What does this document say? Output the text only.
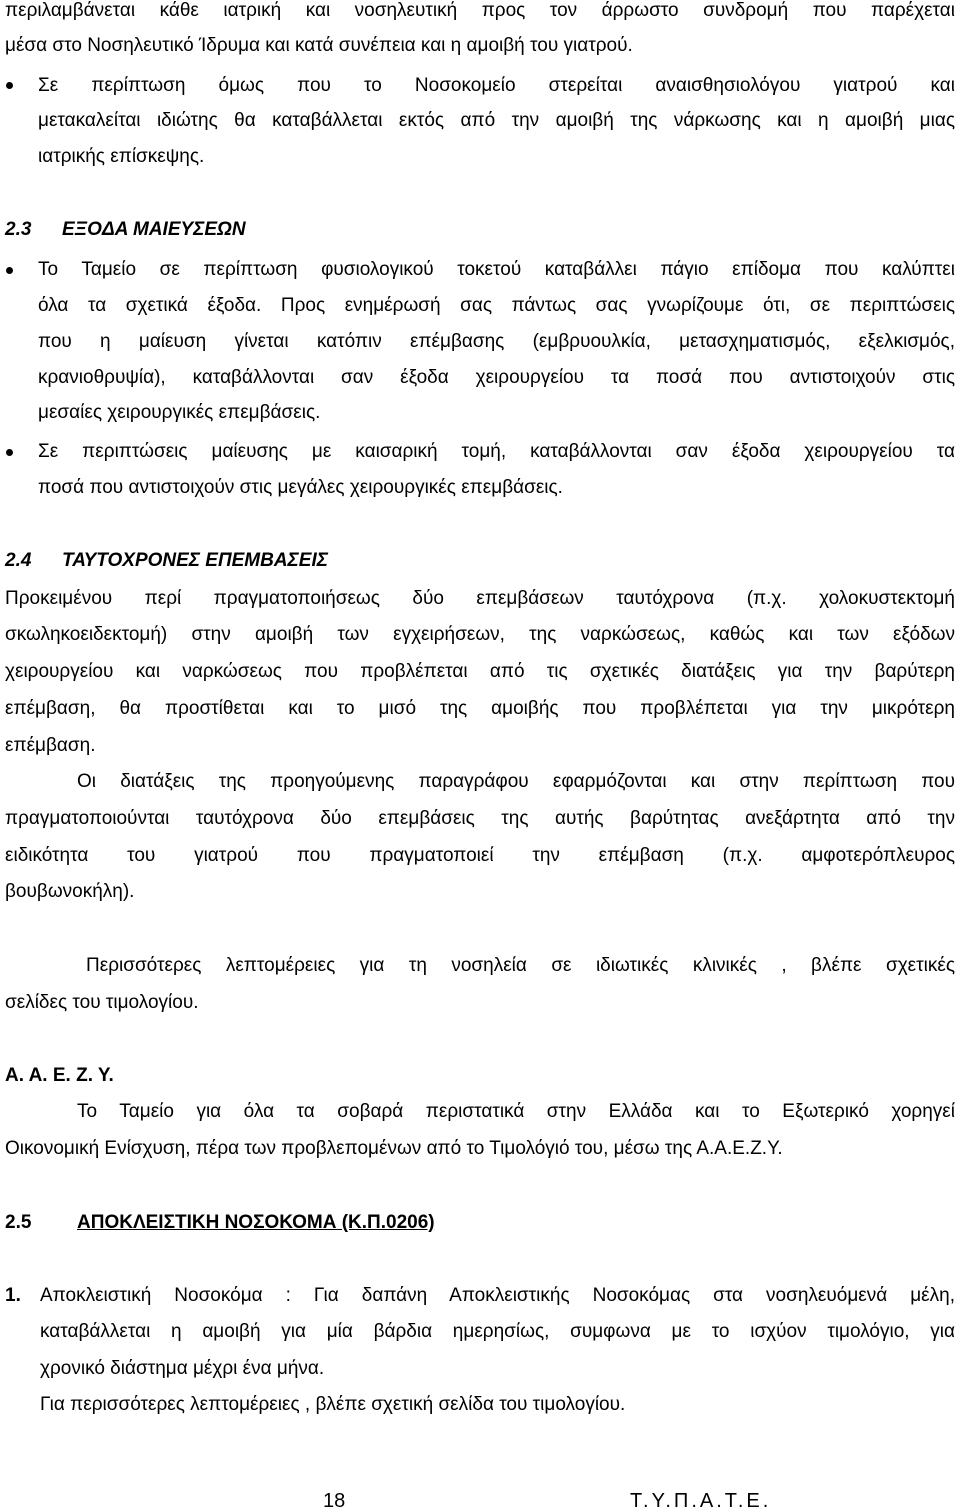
περιλαμβάνεται κάθε ιατρική και νοσηλευτική προς τον άρρωστο συνδρομή που παρέχεται
μέσα στο Νοσηλευτικό Ίδρυμα και κατά συνέπεια και η αμοιβή του γιατρού.
Σε περίπτωση όμως που το Νοσοκομείο στερείται αναισθησιολόγου γιατρού και
μετακαλείται ιδιώτης θα καταβάλλεται εκτός από την αμοιβή της νάρκωσης και η αμοιβή μιας
ιατρικής επίσκεψης.
2.3 ΕΞΟΔΑ ΜΑΙΕΥΣΕΩΝ
Το Ταμείο σε περίπτωση φυσιολογικού τοκετού καταβάλλει πάγιο επίδομα που καλύπτει
όλα τα σχετικά έξοδα. Προς ενημέρωσή σας πάντως σας γνωρίζουμε ότι, σε περιπτώσεις
που η μαίευση γίνεται κατόπιν επέμβασης (εμβρυουλκία, μετασχηματισμός, εξελκισμός,
κρανιοθρυψία), καταβάλλονται σαν έξοδα χειρουργείου τα ποσά που αντιστοιχούν στις
μεσαίες χειρουργικές επεμβάσεις.
Σε περιπτώσεις μαίευσης με καισαρική τομή, καταβάλλονται σαν έξοδα χειρουργείου τα
ποσά που αντιστοιχούν στις μεγάλες χειρουργικές επεμβάσεις.
2.4 ΤΑΥΤΟΧΡΟΝΕΣ ΕΠΕΜΒΑΣΕΙΣ
Προκειμένου περί πραγματοποιήσεως δύο επεμβάσεων ταυτόχρονα (π.χ. χολοκυστεκτομή
σκωληκοειδεκτομή) στην αμοιβή των εγχειρήσεων, της ναρκώσεως, καθώς και των εξόδων
χειρουργείου και ναρκώσεως που προβλέπεται από τις σχετικές διατάξεις για την βαρύτερη
επέμβαση, θα προστίθεται και το μισό της αμοιβής που προβλέπεται για την μικρότερη
επέμβαση.
Οι διατάξεις της προηγούμενης παραγράφου εφαρμόζονται και στην περίπτωση που
πραγματοποιούνται ταυτόχρονα δύο επεμβάσεις της αυτής βαρύτητας ανεξάρτητα από την
ειδικότητα του γιατρού που πραγματοποιεί την επέμβαση (π.χ. αμφοτερόπλευρος
βουβωνοκήλη).
Περισσότερες λεπτομέρειες για τη νοσηλεία σε ιδιωτικές κλινικές , βλέπε σχετικές
σελίδες του τιμολογίου.
Α. Α. Ε. Ζ. Υ.
Το Ταμείο για όλα τα σοβαρά περιστατικά στην Ελλάδα και το Εξωτερικό χορηγεί
Οικονομική Ενίσχυση, πέρα των προβλεπομένων από το Τιμολόγιό του, μέσω της Α.Α.Ε.Ζ.Υ.
2.5 ΑΠΟΚΛΕΙΣΤΙΚΗ ΝΟΣΟΚΟΜΑ (Κ.Π.0206)
1. Αποκλειστική Νοσοκόμα : Για δαπάνη Αποκλειστικής Νοσοκόμας στα νοσηλευόμενά μέλη,
καταβάλλεται η αμοιβή για μία βάρδια ημερησίως, συμφωνα με το ισχύον τιμολόγιο, για
χρονικό διάστημα μέχρι ένα μήνα.
Για περισσότερες λεπτομέρειες , βλέπε σχετική σελίδα του τιμολογίου.
18	Τ.Υ.Π.Α.Τ.Ε.
